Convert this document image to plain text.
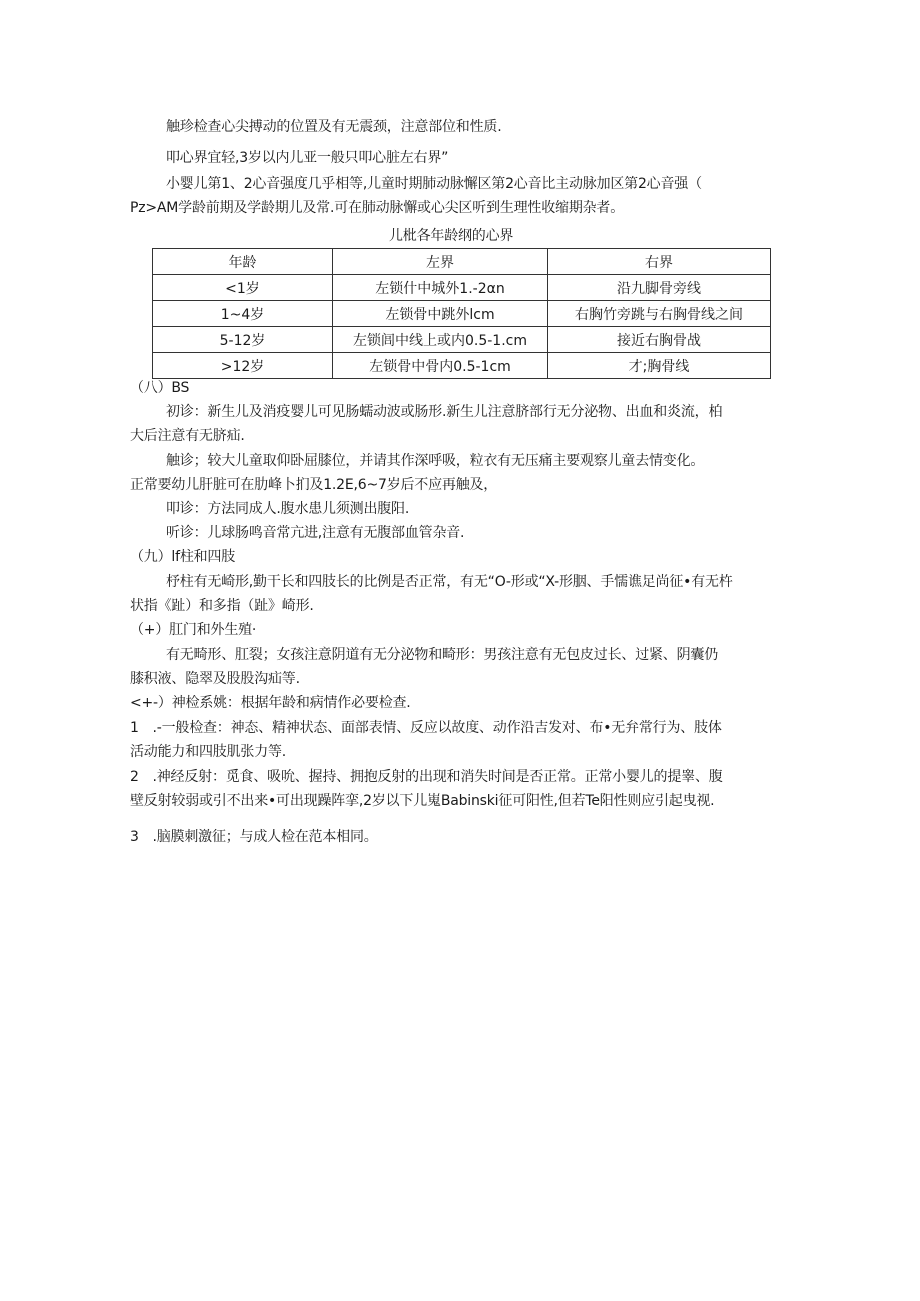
触珍检查心尖搏动的位置及有无震颈，注意部位和性质.
叩心界宜轻,3岁以内儿亚一般只叩心脏左右界”
小婴儿第1、2心音强度几乎相等,儿童时期肺动脉懈区第2心音比主动脉加区第2心音强（
Pz>AM学龄前期及学龄期儿及常.可在肺动脉懈或心尖区听到生理性收缩期杂者。
儿枇各年龄纲的心界
年龄	左界	右界
<1岁	左锁什中城外1.-2αn	沿九脚骨旁线
1~4岁	左锁骨中跳外lcm	右胸竹旁跳与右胸骨线之间
5-12岁	左锁闾中线上或内0.5-1.cm	接近右胸骨战
>12岁	左锁骨中骨内0.5-1cm	才;胸骨线
（八）BS
初诊：新生儿及消疫婴儿可见肠蠕动波或肠形.新生儿注意脐部行无分泌物、出血和炎流，柏
大后注意有无脐疝.
触诊；较大儿童取仰卧屈膝位，并请其作深呼吸，粒衣有无压痛主要观察儿童去情变化。
正常要幼儿肝脏可在肋峰卜扪及1.2E,6~7岁后不应再触及，
叩诊：方法同成人.腹水患儿须测出腹阳.
听诊：儿球肠鸣音常亢进,注意有无腹部血管杂音.
（九）lf柱和四肢
杼柱有无崎形,勤干长和四肢长的比例是否正常，有无“O-形或“X-形胭、手懦谯足尚征•有无杵
状指《趾）和多指（趾》崎形.
（+）肛门和外生殖·
有无畸形、肛裂；女孩注意阴道有无分泌物和畸形：男孩注意有无包皮过长、过紧、阴囊仍
膝积液、隐翠及股股沟疝等.
<+-）神检系姚：根据年龄和病情作必要检查.
1　.-一般检查：神态、精神状态、面部表情、反应以故度、动作沿吉发对、布•无弁常行为、肢体
活动能力和四肢肌张力等.
2　.神经反射：觅食、吸吮、握持、拥抱反射的出现和消失时间是否正常。正常小婴儿的提睾、腹
壁反射较弱或引不出来•可出现躁阵挛,2岁以下儿嵬Babinski征可阳性,但若Te阳性则应引起曳视.
3　.脑膜刺激征；与成人检在范本相同。
